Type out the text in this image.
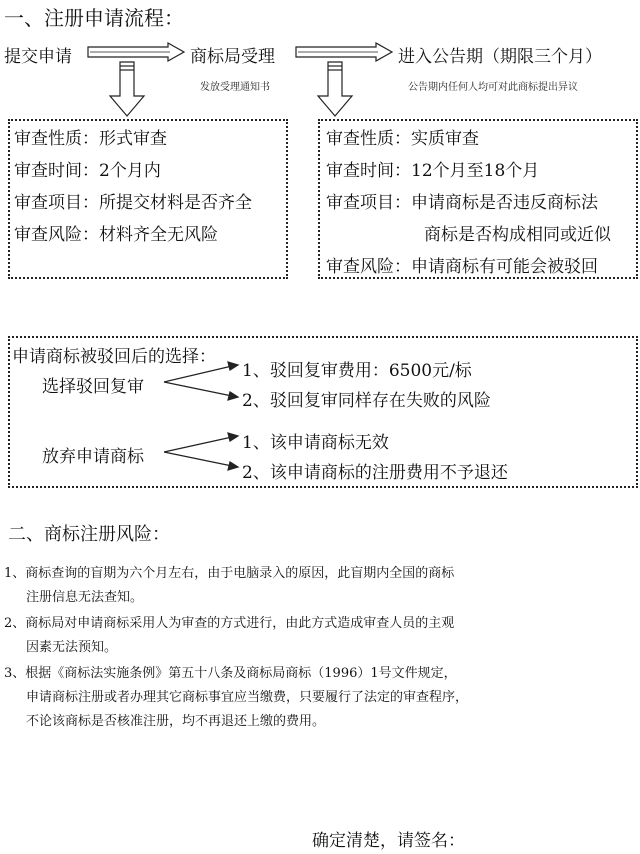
一、注册申请流程：
提交申请	商标局受理	进入公告期（期限三个月）
发放受理通知书	公告期内任何人均可对此商标提出异议
审查性质：形式审查
审查时间：2个月内
审查项目：所提交材料是否齐全
审查风险：材料齐全无风险
审查性质：实质审查
审查时间：12个月至18个月
审查项目：申请商标是否违反商标法
商标是否构成相同或近似
审查风险：申请商标有可能会被驳回
申请商标被驳回后的选择：
选择驳回复审
1、驳回复审费用：6500元/标
2、驳回复审同样存在失败的风险
放弃申请商标
1、该申请商标无效
2、该申请商标的注册费用不予退还
二、商标注册风险：
1、商标查询的盲期为六个月左右，由于电脑录入的原因，此盲期内全国的商标
注册信息无法查知。
2、商标局对申请商标采用人为审查的方式进行，由此方式造成审查人员的主观
因素无法预知。
3、根据《商标法实施条例》第五十八条及商标局商标（1996）1号文件规定，
申请商标注册或者办理其它商标事宜应当缴费，只要履行了法定的审查程序，
不论该商标是否核准注册，均不再退还上缴的费用。
确定清楚，请签名：
